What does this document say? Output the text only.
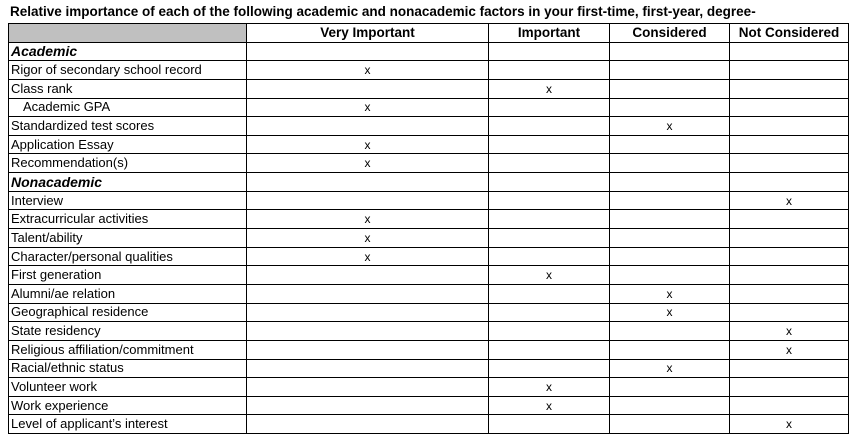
Relative importance of each of the following academic and nonacademic factors in your first-time, first-year, degree-
	Very Important	Important	Considered	Not Considered
Academic				
Rigor of secondary school record	x			
Class rank		x		
Academic GPA	x			
Standardized test scores			x	
Application Essay	x			
Recommendation(s)	x			
Nonacademic				
Interview				x
Extracurricular activities	x			
Talent/ability	x			
Character/personal qualities	x			
First generation		x		
Alumni/ae relation			x	
Geographical residence			x	
State residency				x
Religious affiliation/commitment				x
Racial/ethnic status			x	
Volunteer work		x		
Work experience		x		
Level of applicant’s interest				x
